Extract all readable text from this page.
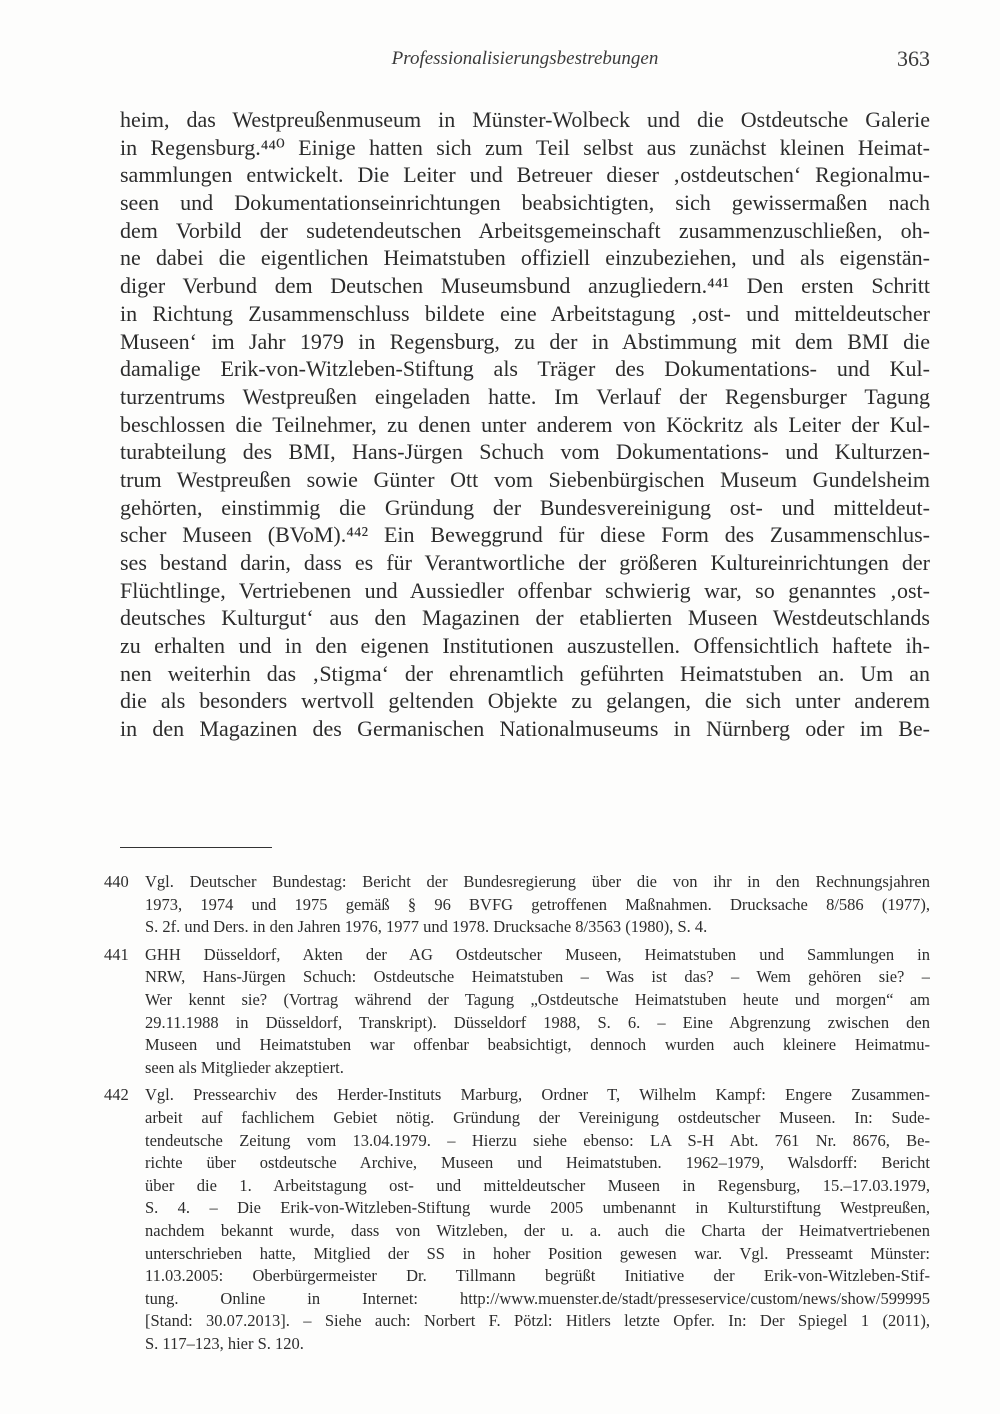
Professionalisierungsbestrebungen	363
heim, das Westpreußenmuseum in Münster-Wolbeck und die Ostdeutsche Galerie
in Regensburg.⁴⁴⁰ Einige hatten sich zum Teil selbst aus zunächst kleinen Heimat-
sammlungen entwickelt. Die Leiter und Betreuer dieser ‚ostdeutschen‘ Regionalmu-
seen und Dokumentationseinrichtungen beabsichtigten, sich gewissermaßen nach
dem Vorbild der sudetendeutschen Arbeitsgemeinschaft zusammenzuschließen, oh-
ne dabei die eigentlichen Heimatstuben offiziell einzubeziehen, und als eigenstän-
diger Verbund dem Deutschen Museumsbund anzugliedern.⁴⁴¹ Den ersten Schritt
in Richtung Zusammenschluss bildete eine Arbeitstagung ‚ost- und mitteldeutscher
Museen‘ im Jahr 1979 in Regensburg, zu der in Abstimmung mit dem BMI die
damalige Erik-von-Witzleben-Stiftung als Träger des Dokumentations- und Kul-
turzentrums Westpreußen eingeladen hatte. Im Verlauf der Regensburger Tagung
beschlossen die Teilnehmer, zu denen unter anderem von Köckritz als Leiter der Kul-
turabteilung des BMI, Hans-Jürgen Schuch vom Dokumentations- und Kulturzen-
trum Westpreußen sowie Günter Ott vom Siebenbürgischen Museum Gundelsheim
gehörten, einstimmig die Gründung der Bundesvereinigung ost- und mitteldeut-
scher Museen (BVoM).⁴⁴² Ein Beweggrund für diese Form des Zusammenschlus-
ses bestand darin, dass es für Verantwortliche der größeren Kultureinrichtungen der
Flüchtlinge, Vertriebenen und Aussiedler offenbar schwierig war, so genanntes ‚ost-
deutsches Kulturgut‘ aus den Magazinen der etablierten Museen Westdeutschlands
zu erhalten und in den eigenen Institutionen auszustellen. Offensichtlich haftete ih-
nen weiterhin das ‚Stigma‘ der ehrenamtlich geführten Heimatstuben an. Um an
die als besonders wertvoll geltenden Objekte zu gelangen, die sich unter anderem
in den Magazinen des Germanischen Nationalmuseums in Nürnberg oder im Be-
440 Vgl. Deutscher Bundestag: Bericht der Bundesregierung über die von ihr in den Rechnungsjahren
1973, 1974 und 1975 gemäß § 96 BVFG getroffenen Maßnahmen. Drucksache 8/586 (1977),
S. 2f. und Ders. in den Jahren 1976, 1977 und 1978. Drucksache 8/3563 (1980), S. 4.
441 GHH Düsseldorf, Akten der AG Ostdeutscher Museen, Heimatstuben und Sammlungen in
NRW, Hans-Jürgen Schuch: Ostdeutsche Heimatstuben – Was ist das? – Wem gehören sie? –
Wer kennt sie? (Vortrag während der Tagung „Ostdeutsche Heimatstuben heute und morgen“ am
29.11.1988 in Düsseldorf, Transkript). Düsseldorf 1988, S. 6. – Eine Abgrenzung zwischen den
Museen und Heimatstuben war offenbar beabsichtigt, dennoch wurden auch kleinere Heimatmu-
seen als Mitglieder akzeptiert.
442 Vgl. Pressearchiv des Herder-Instituts Marburg, Ordner T, Wilhelm Kampf: Engere Zusammen-
arbeit auf fachlichem Gebiet nötig. Gründung der Vereinigung ostdeutscher Museen. In: Sude-
tendeutsche Zeitung vom 13.04.1979. – Hierzu siehe ebenso: LA S-H Abt. 761 Nr. 8676, Be-
richte über ostdeutsche Archive, Museen und Heimatstuben. 1962–1979, Walsdorff: Bericht
über die 1. Arbeitstagung ost- und mitteldeutscher Museen in Regensburg, 15.–17.03.1979,
S. 4. – Die Erik-von-Witzleben-Stiftung wurde 2005 umbenannt in Kulturstiftung Westpreußen,
nachdem bekannt wurde, dass von Witzleben, der u. a. auch die Charta der Heimatvertriebenen
unterschrieben hatte, Mitglied der SS in hoher Position gewesen war. Vgl. Presseamt Münster:
11.03.2005: Oberbürgermeister Dr. Tillmann begrüßt Initiative der Erik-von-Witzleben-Stif-
tung. Online in Internet: http://www.muenster.de/stadt/presseservice/custom/news/show/599995
[Stand: 30.07.2013]. – Siehe auch: Norbert F. Pötzl: Hitlers letzte Opfer. In: Der Spiegel 1 (2011),
S. 117–123, hier S. 120.
